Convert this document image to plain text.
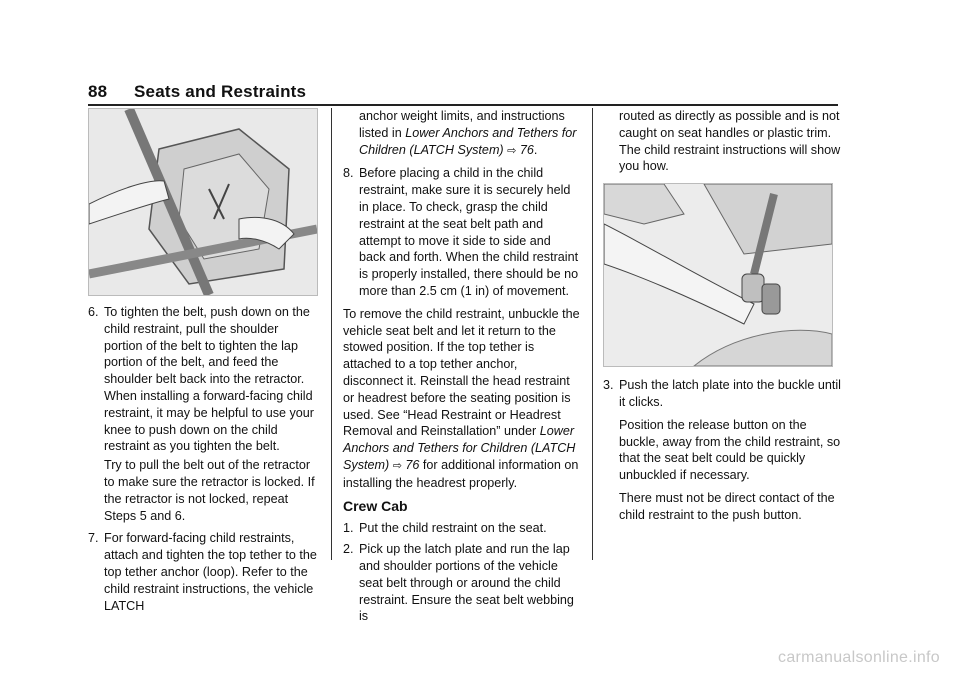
88 Seats and Restraints
6. To tighten the belt, push down on the child restraint, pull the shoulder portion of the belt to tighten the lap portion of the belt, and feed the shoulder belt back into the retractor. When installing a forward-facing child restraint, it may be helpful to use your knee to push down on the child restraint as you tighten the belt.

Try to pull the belt out of the retractor to make sure the retractor is locked. If the retractor is not locked, repeat Steps 5 and 6.

7. For forward-facing child restraints, attach and tighten the top tether to the top tether anchor (loop). Refer to the child restraint instructions, the vehicle LATCH

anchor weight limits, and instructions listed in Lower Anchors and Tethers for Children (LATCH System) ⇨ 76.

8. Before placing a child in the child restraint, make sure it is securely held in place. To check, grasp the child restraint at the seat belt path and attempt to move it side to side and back and forth. When the child restraint is properly installed, there should be no more than 2.5 cm (1 in) of movement.

To remove the child restraint, unbuckle the vehicle seat belt and let it return to the stowed position. If the top tether is attached to a top tether anchor, disconnect it. Reinstall the head restraint or headrest before the seating position is used. See “Head Restraint or Headrest Removal and Reinstallation” under Lower Anchors and Tethers for Children (LATCH System) ⇨ 76 for additional information on installing the headrest properly.

Crew Cab
1. Put the child restraint on the seat.
2. Pick up the latch plate and run the lap and shoulder portions of the vehicle seat belt through or around the child restraint. Ensure the seat belt webbing is

routed as directly as possible and is not caught on seat handles or plastic trim. The child restraint instructions will show you how.

3. Push the latch plate into the buckle until it clicks.

Position the release button on the buckle, away from the child restraint, so that the seat belt could be quickly unbuckled if necessary.

There must not be direct contact of the child restraint to the push button.

carmanualsonline.info
